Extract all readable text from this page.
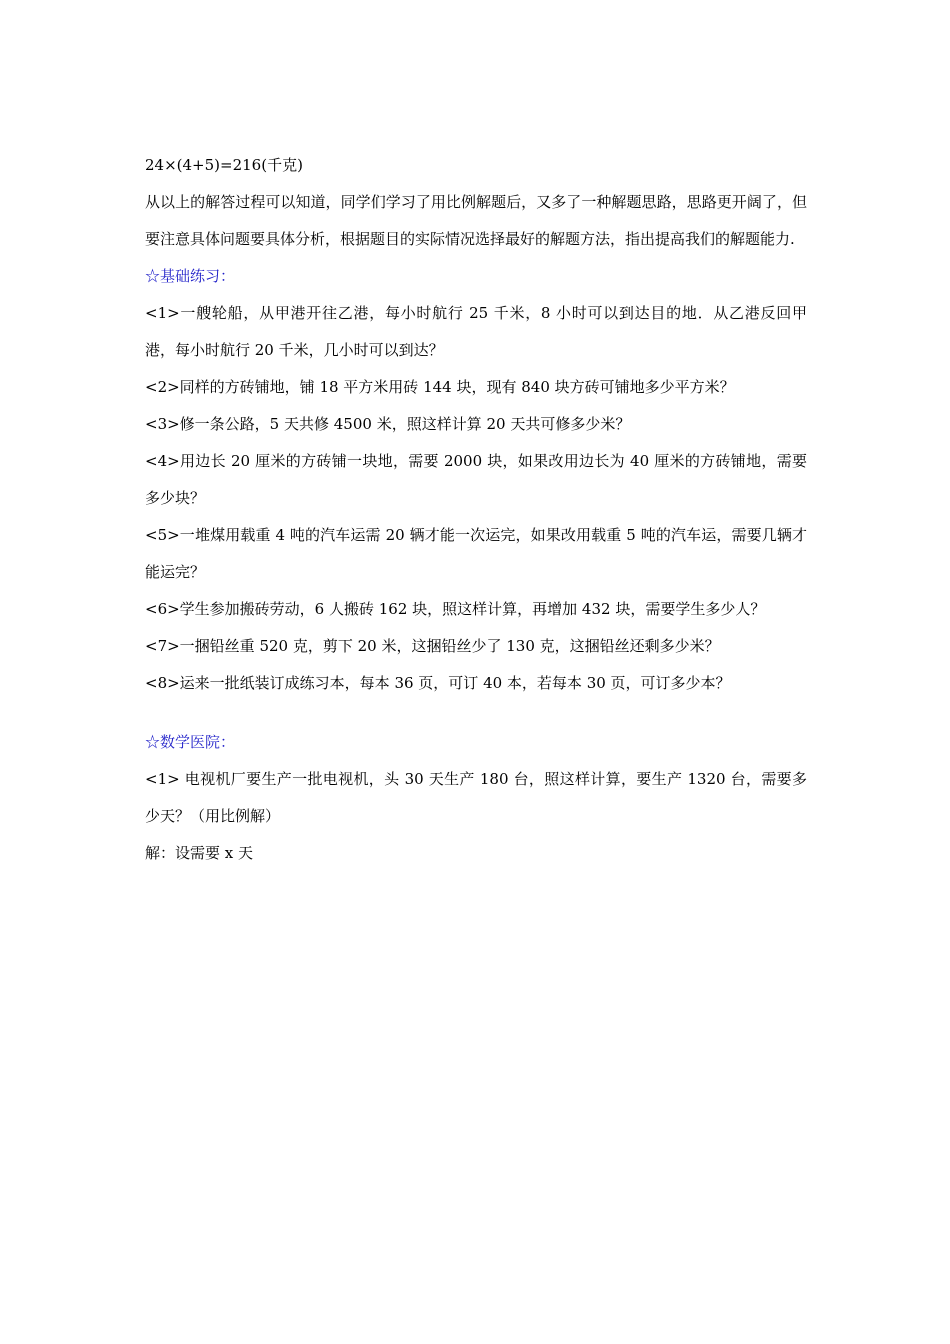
24×(4+5)=216(千克)

从以上的解答过程可以知道，同学们学习了用比例解题后，又多了一种解题思路，思路更开阔了，但要注意具体问题要具体分析，根据题目的实际情况选择最好的解题方法，指出提高我们的解题能力.

☆基础练习：

<1>一艘轮船，从甲港开往乙港，每小时航行 25 千米，8 小时可以到达目的地．从乙港反回甲港，每小时航行 20 千米，几小时可以到达？

<2>同样的方砖铺地，铺 18 平方米用砖 144 块，现有 840 块方砖可铺地多少平方米？

<3>修一条公路，5 天共修 4500 米，照这样计算 20 天共可修多少米？

<4>用边长 20 厘米的方砖铺一块地，需要 2000 块，如果改用边长为 40 厘米的方砖铺地，需要多少块？

<5>一堆煤用载重 4 吨的汽车运需 20 辆才能一次运完，如果改用载重 5 吨的汽车运，需要几辆才能运完？

<6>学生参加搬砖劳动，6 人搬砖 162 块，照这样计算，再增加 432 块，需要学生多少人？

<7>一捆铅丝重 520 克，剪下 20 米，这捆铅丝少了 130 克，这捆铅丝还剩多少米？

<8>运来一批纸装订成练习本，每本 36 页，可订 40 本，若每本 30 页，可订多少本？

☆数学医院：

<1> 电视机厂要生产一批电视机，头 30 天生产 180 台，照这样计算，要生产 1320 台，需要多少天？（用比例解）

解：设需要 x 天
